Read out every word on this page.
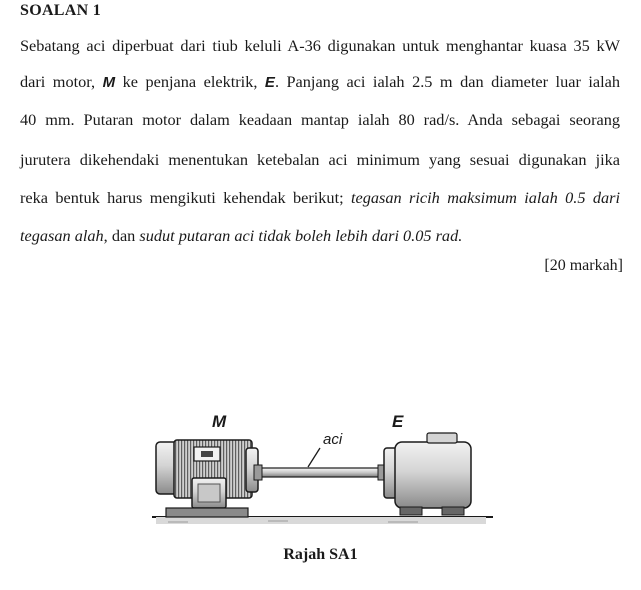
SOALAN 1
Sebatang aci diperbuat dari tiub keluli A-36 digunakan untuk menghantar kuasa 35 kW
dari motor, M ke penjana elektrik, E. Panjang aci ialah 2.5 m dan diameter luar ialah
40 mm. Putaran motor dalam keadaan mantap ialah 80 rad/s. Anda sebagai seorang
jurutera dikehendaki menentukan ketebalan aci minimum yang sesuai digunakan jika
reka bentuk harus mengikuti kehendak berikut; tegasan ricih maksimum ialah 0.5 dari
tegasan alah, dan sudut putaran aci tidak boleh lebih dari 0.05 rad.
[20 markah]
M
aci
E
Rajah SA1
